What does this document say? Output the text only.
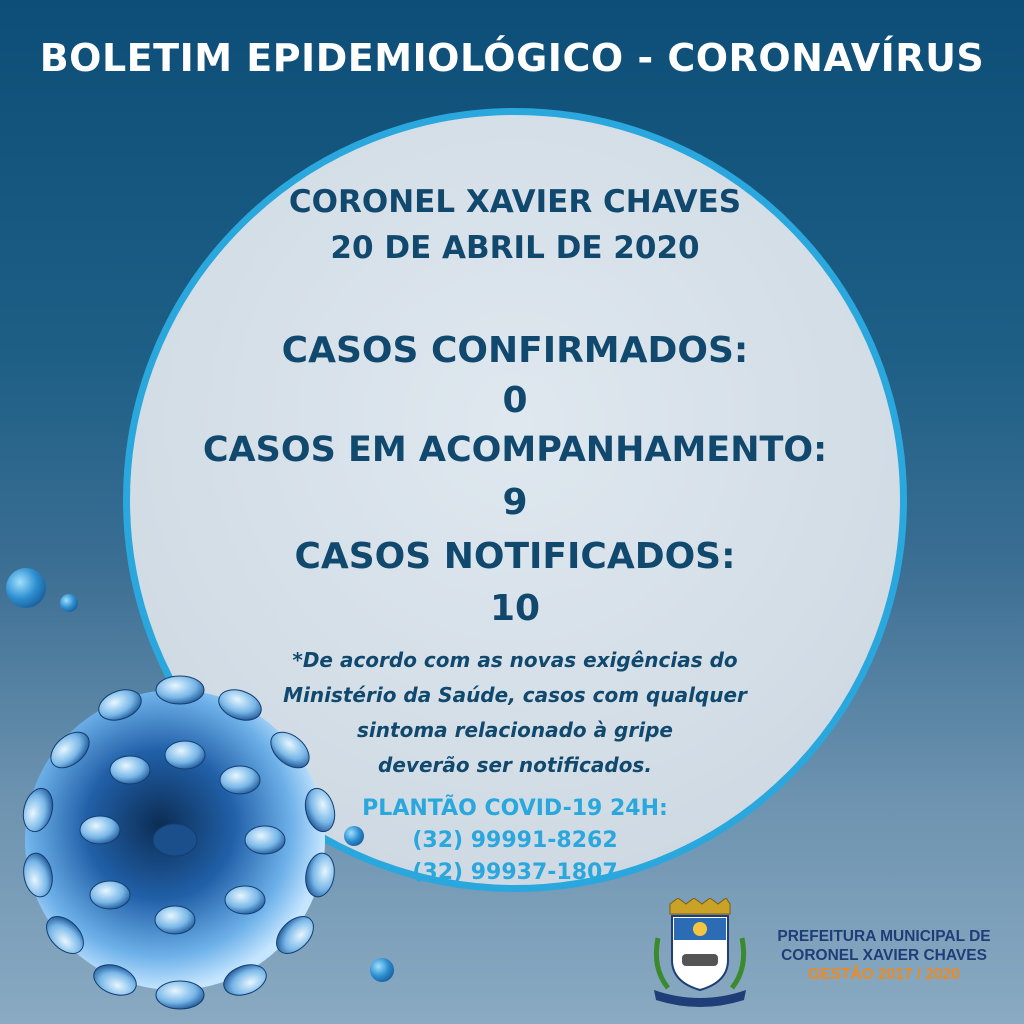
BOLETIM EPIDEMIOLÓGICO - CORONAVÍRUS
CORONEL XAVIER CHAVES
20 DE ABRIL DE 2020
CASOS CONFIRMADOS:
0
CASOS EM ACOMPANHAMENTO:
9
CASOS NOTIFICADOS:
10
*De acordo com as novas exigências do
Ministério da Saúde, casos com qualquer
sintoma relacionado à gripe
deverão ser notificados.
PLANTÃO COVID-19 24H:
(32) 99991-8262
(32) 99937-1807
PREFEITURA MUNICIPAL DE
CORONEL XAVIER CHAVES
GESTÃO 2017 / 2020
